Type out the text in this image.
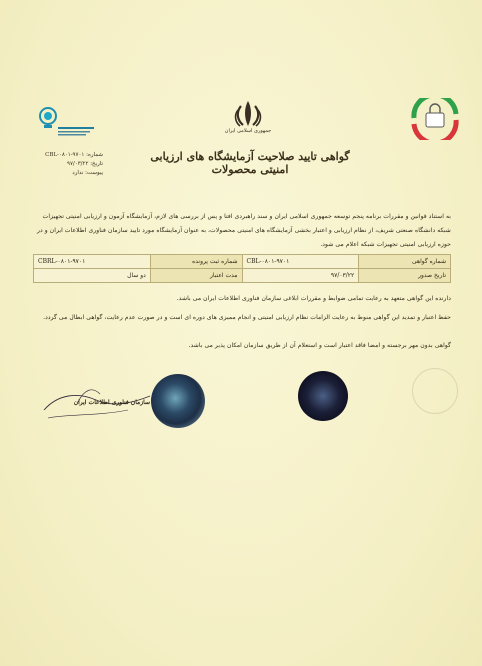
جمهوری اسلامی ایران
شماره: CBL-۰۸۰۱-۹۷۰۱
تاریخ: ۹۷/۰۳/۲۲
پیوست: ندارد
گواهی تایید صلاحیت آزمایشگاه های ارزیابی امنیتی محصولات
به استناد قوانین و مقررات برنامه پنجم توسعه جمهوری اسلامی ایران و سند راهبردی افتا و پس از بررسی های لازم، آزمایشگاه آزمون و ارزیابی امنیتی تجهیزات شبکه دانشگاه صنعتی شریف، از نظام ارزیابی و اعتبار بخشی آزمایشگاه های امنیتی محصولات، به عنوان آزمایشگاه مورد تایید سازمان فناوری اطلاعات ایران و در حوزه ارزیابی امنیتی تجهیزات شبکه اعلام می شود.
شماره گواهی	CBL-۰۸۰۱-۹۷۰۱	شماره ثبت پرونده	CBRL-۰۸۰۱-۹۷۰۱
تاریخ صدور	۹۷/۰۳/۲۲	مدت اعتبار	دو سال
دارنده این گواهی متعهد به رعایت تمامی ضوابط و مقررات ابلاغی سازمان فناوری اطلاعات ایران می باشد.
حفظ اعتبار و تمدید این گواهی منوط به رعایت الزامات نظام ارزیابی امنیتی و انجام ممیزی های دوره ای است و در صورت عدم رعایت، گواهی ابطال می گردد.
گواهی بدون مهر برجسته و امضا فاقد اعتبار است و استعلام آن از طریق سازمان امکان پذیر می باشد.
سازمان فناوری اطلاعات ایران
